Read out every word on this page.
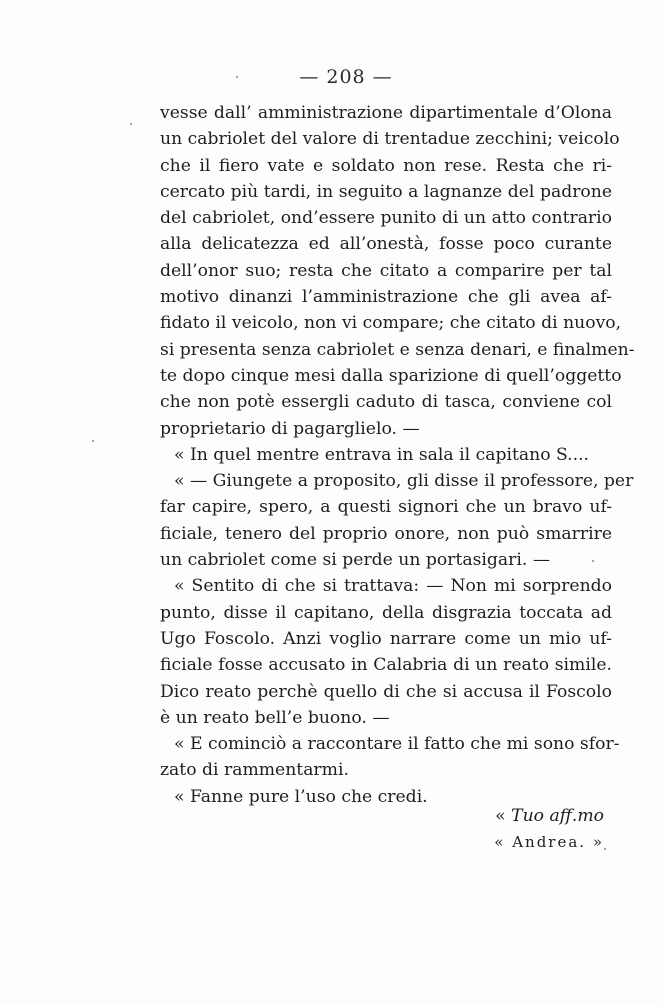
— 208 —
vesse dall’ amministrazione dipartimentale d’Olona
un cabriolet del valore di trentadue zecchini; veicolo
che il fiero vate e soldato non rese. Resta che ri-
cercato più tardi, in seguito a lagnanze del padrone
del cabriolet, ond’essere punito di un atto contrario
alla delicatezza ed all’onestà, fosse poco curante
dell’onor suo; resta che citato a comparire per tal
motivo dinanzi l’amministrazione che gli avea af-
fidato il veicolo, non vi compare; che citato di nuovo,
si presenta senza cabriolet e senza denari, e finalmen-
te dopo cinque mesi dalla sparizione di quell’oggetto
che non potè essergli caduto di tasca, conviene col
proprietario di pagarglielo. —
« In quel mentre entrava in sala il capitano S....
« — Giungete a proposito, gli disse il professore, per
far capire, spero, a questi signori che un bravo uf-
ficiale, tenero del proprio onore, non può smarrire
un cabriolet come si perde un portasigari. —
« Sentito di che si trattava: — Non mi sorprendo
punto, disse il capitano, della disgrazia toccata ad
Ugo Foscolo. Anzi voglio narrare come un mio uf-
ficiale fosse accusato in Calabria di un reato simile.
Dico reato perchè quello di che si accusa il Foscolo
è un reato bell’e buono. —
« E cominciò a raccontare il fatto che mi sono sfor-
zato di rammentarmi.
« Fanne pure l’uso che credi.
« Tuo aff.mo
« Andrea. »
